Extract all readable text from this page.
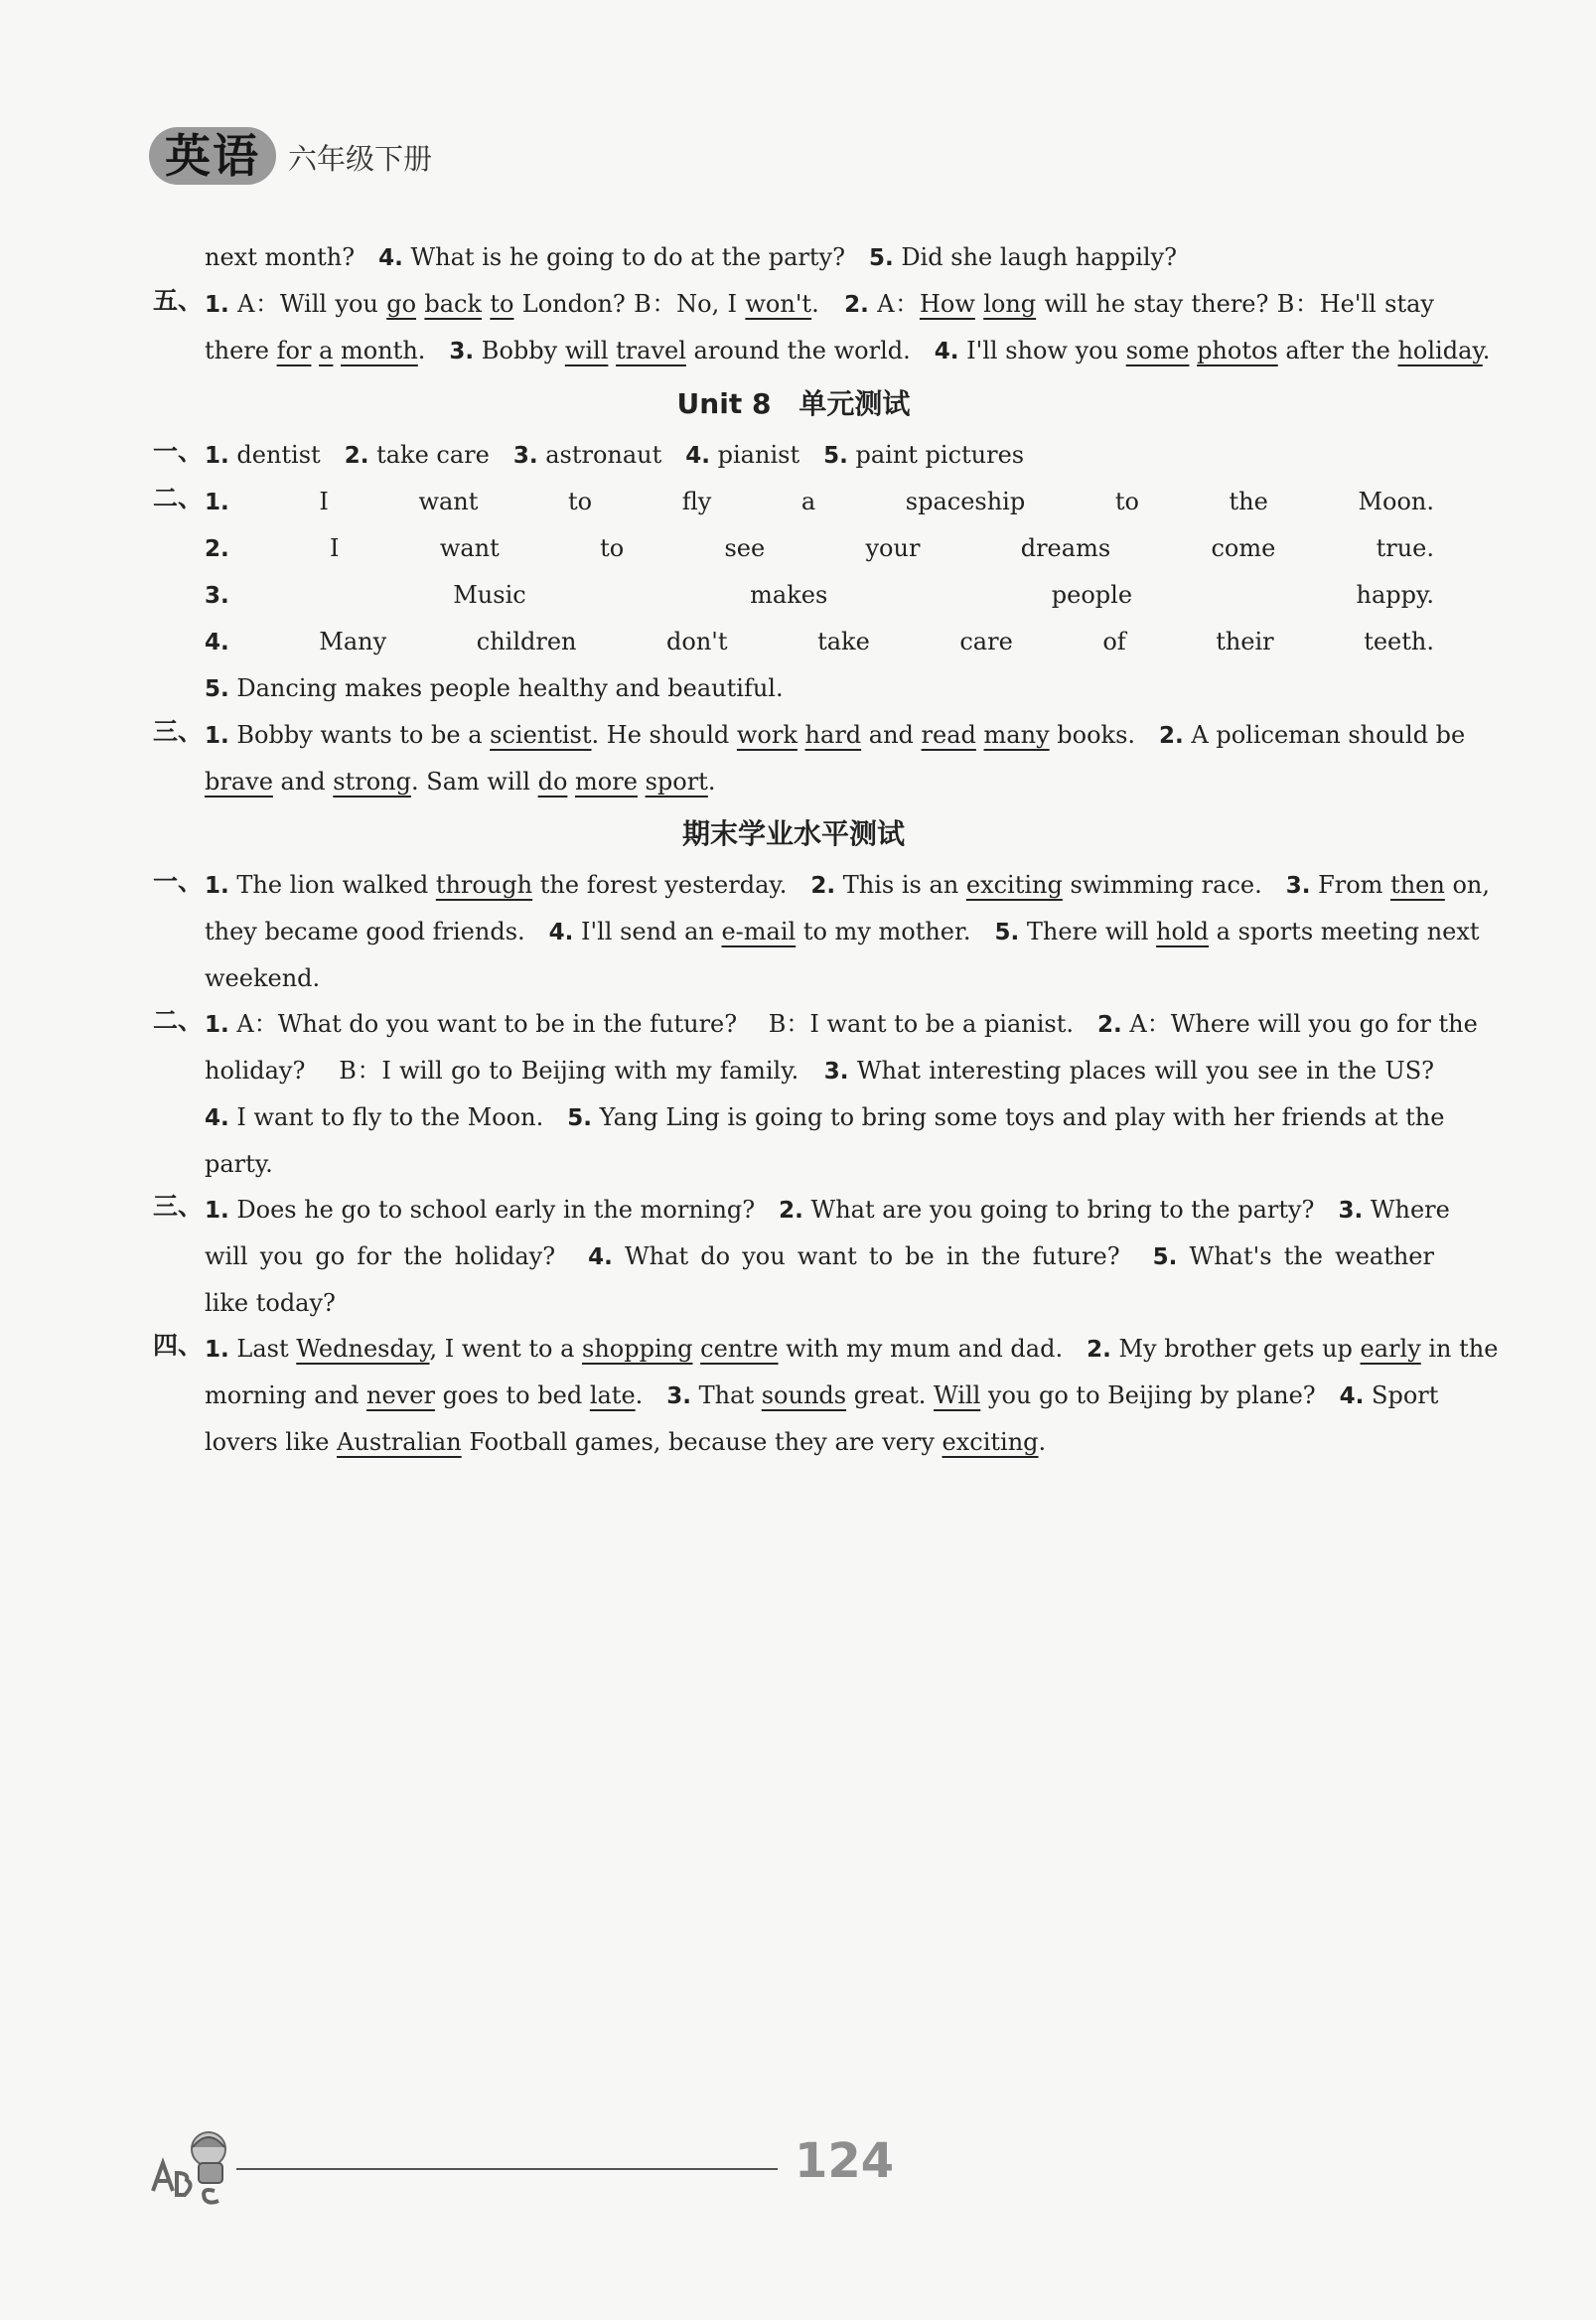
英语 六年级下册
next month?　4. What is he going to do at the party?　5. Did she laugh happily?
五、 1. A：Will you go back to London? B：No, I won't.　2. A：How long will he stay there? B：He'll stay
there for a month.　3. Bobby will travel around the world.　4. I'll show you some photos after the holiday.
Unit 8　单元测试
一、 1. dentist　2. take care　3. astronaut　4. pianist　5. paint pictures
二、 1. I want to fly a spaceship to the Moon.
2. I want to see your dreams come true.
3. Music makes people happy.
4. Many children don't take care of their teeth.
5. Dancing makes people healthy and beautiful.
三、 1. Bobby wants to be a scientist. He should work hard and read many books.　2. A policeman should be
brave and strong. Sam will do more sport.
期末学业水平测试
一、 1. The lion walked through the forest yesterday.　2. This is an exciting swimming race.　3. From then on,
they became good friends.　4. I'll send an e-mail to my mother.　5. There will hold a sports meeting next
weekend.
二、 1. A：What do you want to be in the future?　 B：I want to be a pianist.　2. A：Where will you go for the
holiday?　 B：I will go to Beijing with my family.　3. What interesting places will you see in the US?
4. I want to fly to the Moon.　5. Yang Ling is going to bring some toys and play with her friends at the
party.
三、 1. Does he go to school early in the morning?　2. What are you going to bring to the party?　3. Where
will you go for the holiday?　4. What do you want to be in the future?　5. What's the weather
like today?
四、 1. Last Wednesday, I went to a shopping centre with my mum and dad.　2. My brother gets up early in the
morning and never goes to bed late.　3. That sounds great. Will you go to Beijing by plane?　4. Sport
lovers like Australian Football games, because they are very exciting.
124
